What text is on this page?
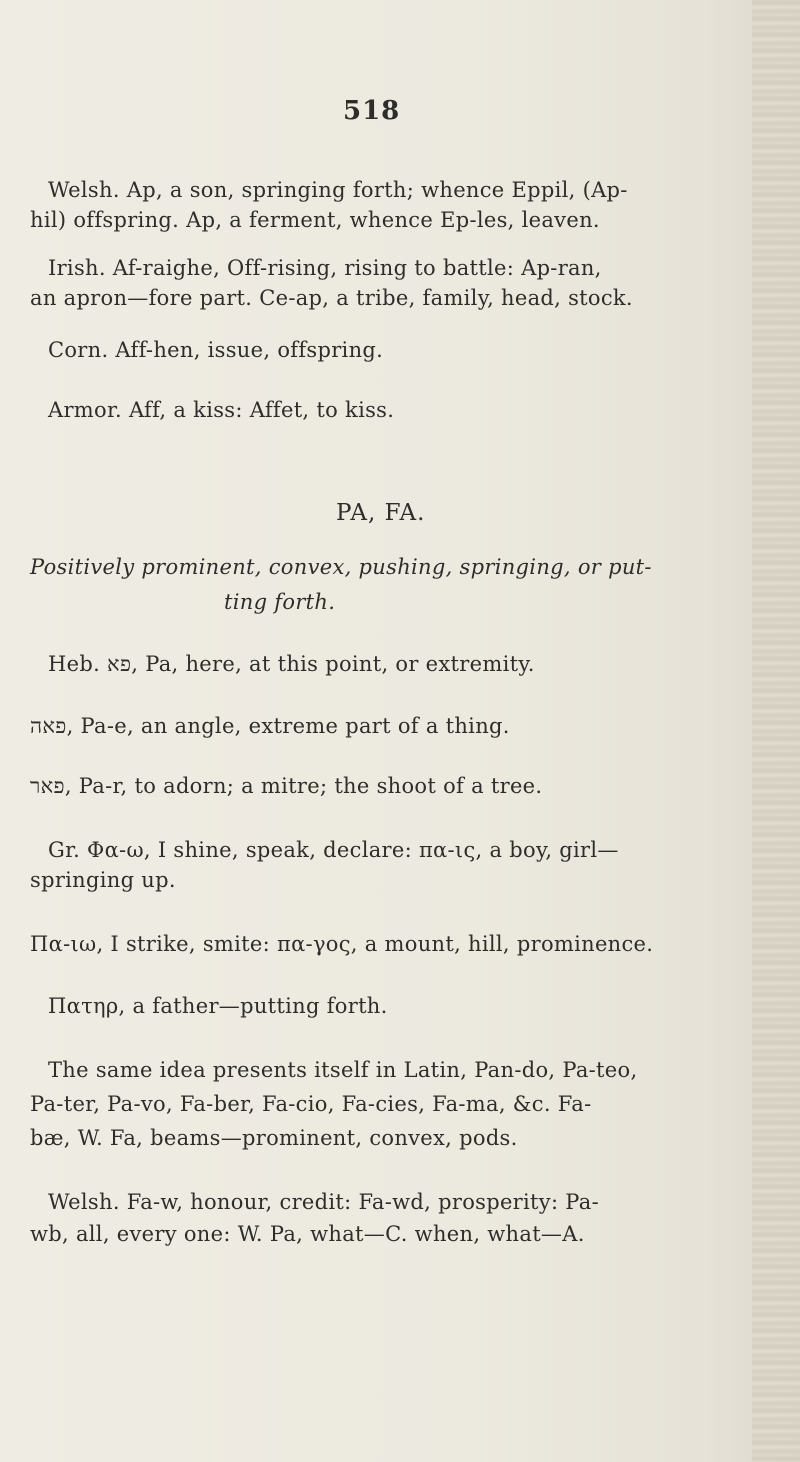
518
Welsh. Ap, a son, springing forth; whence Eppil, (Ap-
hil) offspring. Ap, a ferment, whence Ep-les, leaven.
Irish. Af-raighe, Off-rising, rising to battle: Ap-ran,
an apron—fore part. Ce-ap, a tribe, family, head, stock.
Corn. Aff-hen, issue, offspring.
Armor. Aff, a kiss: Affet, to kiss.
PA, FA.
Positively prominent, convex, pushing, springing, or put-
ting forth.
Heb. פא, Pa, here, at this point, or extremity.
פאה, Pa-e, an angle, extreme part of a thing.
פאר, Pa-r, to adorn; a mitre; the shoot of a tree.
Gr. Φα-ω, I shine, speak, declare: πα-ις, a boy, girl—
springing up.
Πα-ιω, I strike, smite: πα-γος, a mount, hill, prominence.
Πατηρ, a father—putting forth.
The same idea presents itself in Latin, Pan-do, Pa-teo,
Pa-ter, Pa-vo, Fa-ber, Fa-cio, Fa-cies, Fa-ma, &c. Fa-
bæ, W. Fa, beams—prominent, convex, pods.
Welsh. Fa-w, honour, credit: Fa-wd, prosperity: Pa-
wb, all, every one: W. Pa, what—C. when, what—A.
